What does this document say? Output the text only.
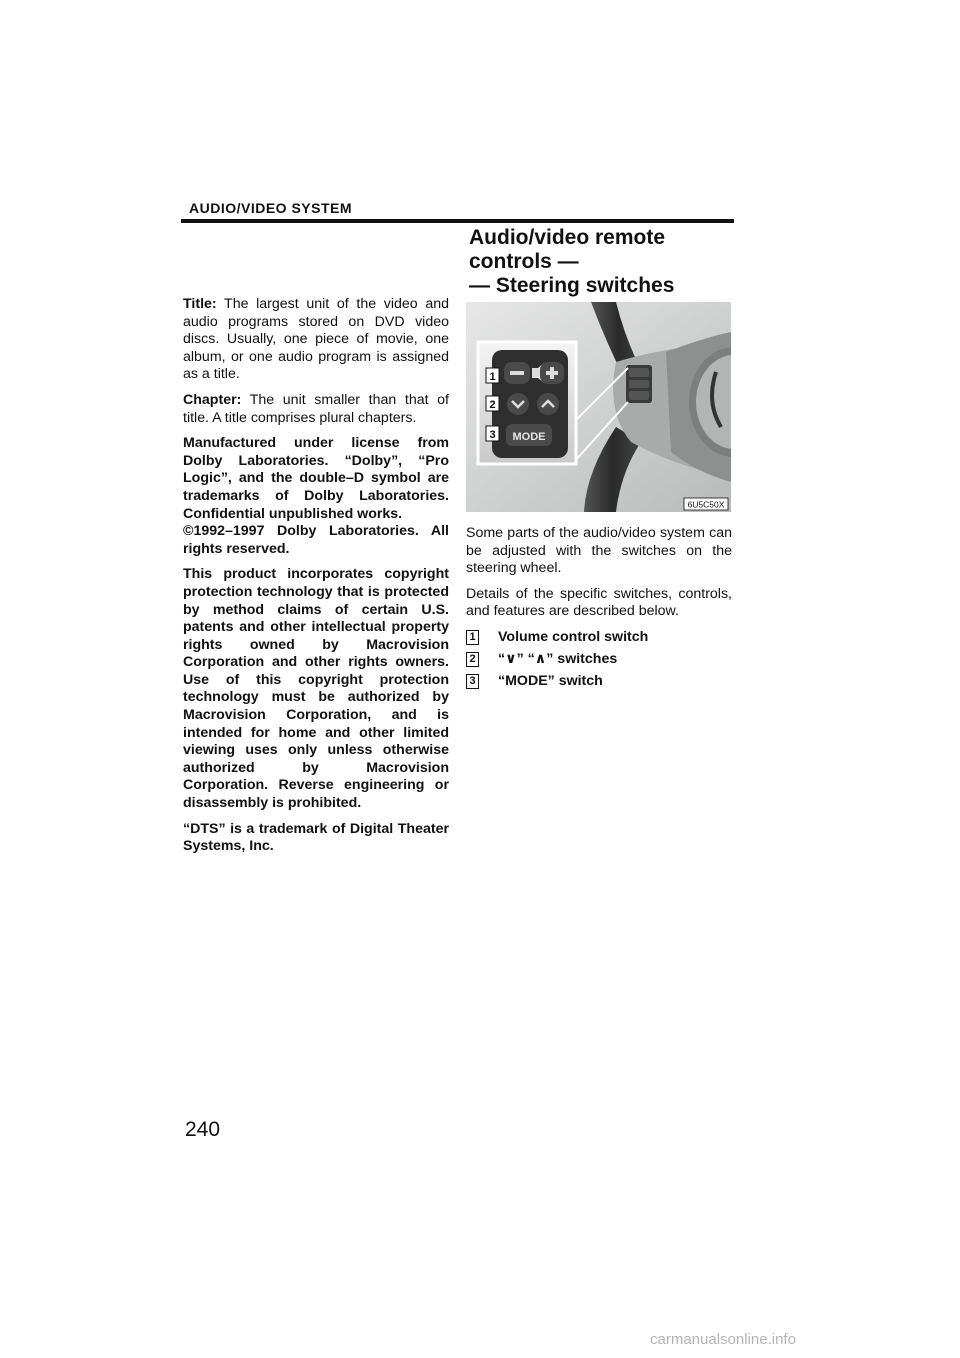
AUDIO/VIDEO SYSTEM
Audio/video remote
controls —
— Steering switches

Title: The largest unit of the video and audio programs stored on DVD video discs. Usually, one piece of movie, one album, or one audio program is assigned as a title.

Chapter: The unit smaller than that of title. A title comprises plural chapters.

Manufactured under license from Dolby Laboratories. “Dolby”, “Pro Logic”, and the double–D symbol are trademarks of Dolby Laboratories. Confidential unpublished works.
©1992–1997 Dolby Laboratories. All rights reserved.

This product incorporates copyright protection technology that is protected by method claims of certain U.S. patents and other intellectual property rights owned by Macrovision Corporation and other rights owners. Use of this copyright protection technology must be authorized by Macrovision Corporation, and is intended for home and other limited viewing uses only unless otherwise authorized by Macrovision Corporation. Reverse engineering or disassembly is prohibited.

“DTS” is a trademark of Digital Theater Systems, Inc.

MODE
1
2
3
6U5C50X

Some parts of the audio/video system can be adjusted with the switches on the steering wheel.

Details of the specific switches, controls, and features are described below.

1 Volume control switch
2 “∨” “∧” switches
3 “MODE” switch
240
carmanualsonline.info
